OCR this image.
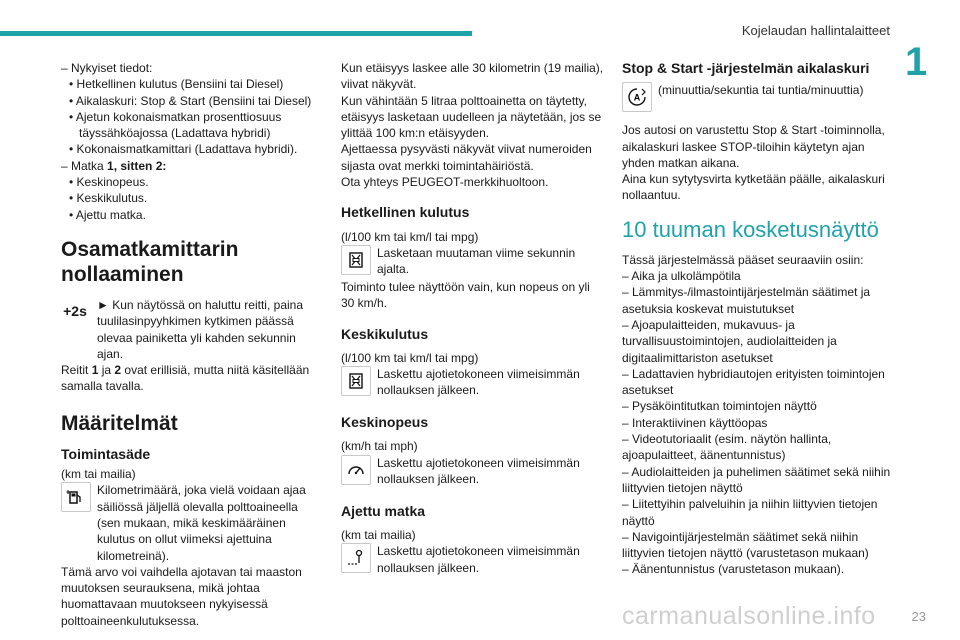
Kojelaudan hallintalaitteet
1

– Nykyiset tiedot:

• Hetkellinen kulutus (Bensiini tai Diesel)

• Aikalaskuri: Stop & Start (Bensiini tai Diesel)

• Ajetun kokonaismatkan prosenttiosuus

täyssähköajossa (Ladattava hybridi)

• Kokonaismatkamittari (Ladattava hybridi).

– Matka 1, sitten 2:

• Keskinopeus.

• Keskikulutus.

• Ajettu matka.

Osamatkamittarin nollaaminen
+2s ► Kun näytössä on haluttu reitti, paina tuulilasinpyyhkimen kytkimen päässä olevaa painiketta yli kahden sekunnin ajan.

Reitit 1 ja 2 ovat erillisiä, mutta niitä käsitellään samalla tavalla.

Määritelmät
Toimintasäde

(km tai mailia)

Kilometrimäärä, joka vielä voidaan ajaa säiliössä jäljellä olevalla polttoaineella (sen mukaan, mikä keskimääräinen kulutus on ollut viimeksi ajettuina kilometreinä).

Tämä arvo voi vaihdella ajotavan tai maaston muutoksen seurauksena, mikä johtaa huomattavaan muutokseen nykyisessä polttoaineenkulutuksessa.

Kun etäisyys laskee alle 30 kilometrin (19 mailia), viivat näkyvät.

Kun vähintään 5 litraa polttoainetta on täytetty, etäisyys lasketaan uudelleen ja näytetään, jos se ylittää 100 km:n etäisyyden.

Ajettaessa pysyvästi näkyvät viivat numeroiden sijasta ovat merkki toimintahäiriöstä.

Ota yhteys PEUGEOT-merkkihuoltoon.

Hetkellinen kulutus

(l/100 km tai km/l tai mpg)

Lasketaan muutaman viime sekunnin ajalta.

Toiminto tulee näyttöön vain, kun nopeus on yli 30 km/h.

Keskikulutus

(l/100 km tai km/l tai mpg)

Laskettu ajotietokoneen viimeisimmän nollauksen jälkeen.

Keskinopeus

(km/h tai mph)

Laskettu ajotietokoneen viimeisimmän nollauksen jälkeen.

Ajettu matka

(km tai mailia)

Laskettu ajotietokoneen viimeisimmän nollauksen jälkeen.

Stop & Start -järjestelmän aikalaskuri
A

(minuuttia/sekuntia tai tuntia/minuuttia)

Jos autosi on varustettu Stop & Start -toiminnolla, aikalaskuri laskee STOP-tiloihin käytetyn ajan yhden matkan aikana.

Aina kun sytytysvirta kytketään päälle, aikalaskuri nollaantuu.

10 tuuman kosketusnäyttö

Tässä järjestelmässä pääset seuraaviin osiin:

– Aika ja ulkolämpötila

– Lämmitys-/ilmastointijärjestelmän säätimet ja asetuksia koskevat muistutukset

– Ajoapulaitteiden, mukavuus- ja turvallisuustoimintojen, audiolaitteiden ja digitaalimittariston asetukset

– Ladattavien hybridiautojen erityisten toimintojen asetukset

– Pysäköintitutkan toimintojen näyttö

– Interaktiivinen käyttöopas

– Videotutoriaalit (esim. näytön hallinta, ajoapulaitteet, äänentunnistus)

– Audiolaitteiden ja puhelimen säätimet sekä niihin liittyvien tietojen näyttö

– Liitettyihin palveluihin ja niihin liittyvien tietojen näyttö

– Navigointijärjestelmän säätimet sekä niihin liittyvien tietojen näyttö (varustetason mukaan)

– Äänentunnistus (varustetason mukaan).

carmanualsonline.info	23
